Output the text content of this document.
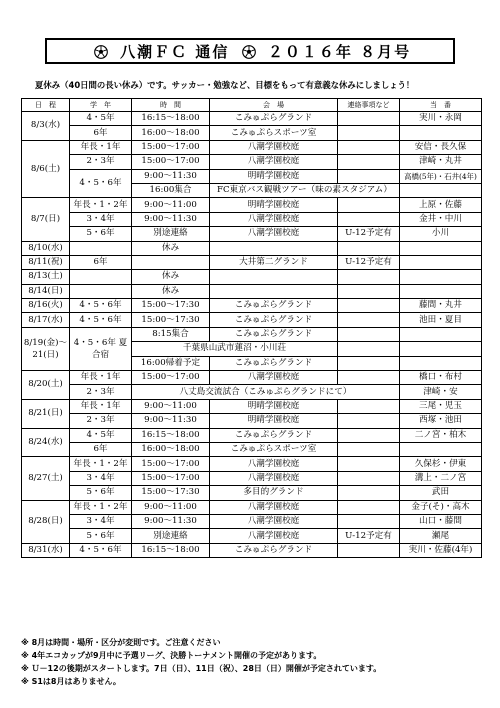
八潮ＦＣ 通信	２０１６年 ８月号
夏休み（40日間の長い休み）です。サッカー・勉強など、目標をもって有意義な休みにしましょう！
日　程	学　年	時　間	会　場	連絡事項など	当　番
8/3(水)	4・5年	16:15～18:00	こみゅぷらグランド		実川・永岡
	6年	16:00～18:00	こみゅぷらスポーツ室		
8/6(土)	年長・1年	15:00～17:00	八潮学園校庭		安信・長久保
	2・3年	15:00～17:00	八潮学園校庭		津崎・丸井
	4・5・6年	9:00～11:30	明晴学園校庭		高橋(5年)・石井(4年)
		16:00集合	FC東京バス観戦ツアー（味の素スタジアム）		
8/7(日)	年長・1・2年	9:00～11:00	明晴学園校庭		上原・佐藤
	3・4年	9:00～11:30	八潮学園校庭		金井・中川
	5・6年	別途連絡	八潮学園校庭	U-12予定有	小川
8/10(水)		休み			
8/11(祝)	6年		大井第二グランド	U-12予定有	
8/13(土)		休み			
8/14(日)		休み			
8/16(火)	4・5・6年	15:00～17:30	こみゅぷらグランド		藤間・丸井
8/17(水)	4・5・6年	15:00～17:30	こみゅぷらグランド		池田・夏目
8/19(金)～21(日)	4・5・6年 夏合宿	8:15集合	こみゅぷらグランド		
		千葉県山武市蓮沼・小川荘			
		16:00帰着予定	こみゅぷらグランド		
8/20(土)	年長・1年	15:00～17:00	八潮学園校庭		橋口・布村
	2・3年	八丈島交流試合（こみゅぷらグランドにて）			津崎・安
8/21(日)	年長・1年	9:00～11:00	明晴学園校庭		三尾・児玉
	2・3年	9:00～11:30	明晴学園校庭		西塚・池田
8/24(水)	4・5年	16:15～18:00	こみゅぷらグランド		二ノ宮・柏木
	6年	16:00～18:00	こみゅぷらスポーツ室		
8/27(土)	年長・1・2年	15:00～17:00	八潮学園校庭		久保杉・伊東
	3・4年	15:00～17:00	八潮学園校庭		溝上・二ノ宮
	5・6年	15:00～17:30	多目的グランド		武田
8/28(日)	年長・1・2年	9:00～11:00	八潮学園校庭		金子(そ)・高木
	3・4年	9:00～11:30	八潮学園校庭		山口・藤間
	5・6年	別途連絡	八潮学園校庭	U-12予定有	瀬尾
8/31(水)	4・5・6年	16:15～18:00	こみゅぷらグランド		実川・佐藤(4年)
※ 8月は時間・場所・区分が変則です。ご注意ください
※ 4年エコカップが9月中に予選リーグ、決勝トーナメント開催の予定があります。
※ Ｕ－12の後期がスタートします。7日（日）、11日（祝）、28日（日）開催が予定されています。
※ S1は8月はありません。
